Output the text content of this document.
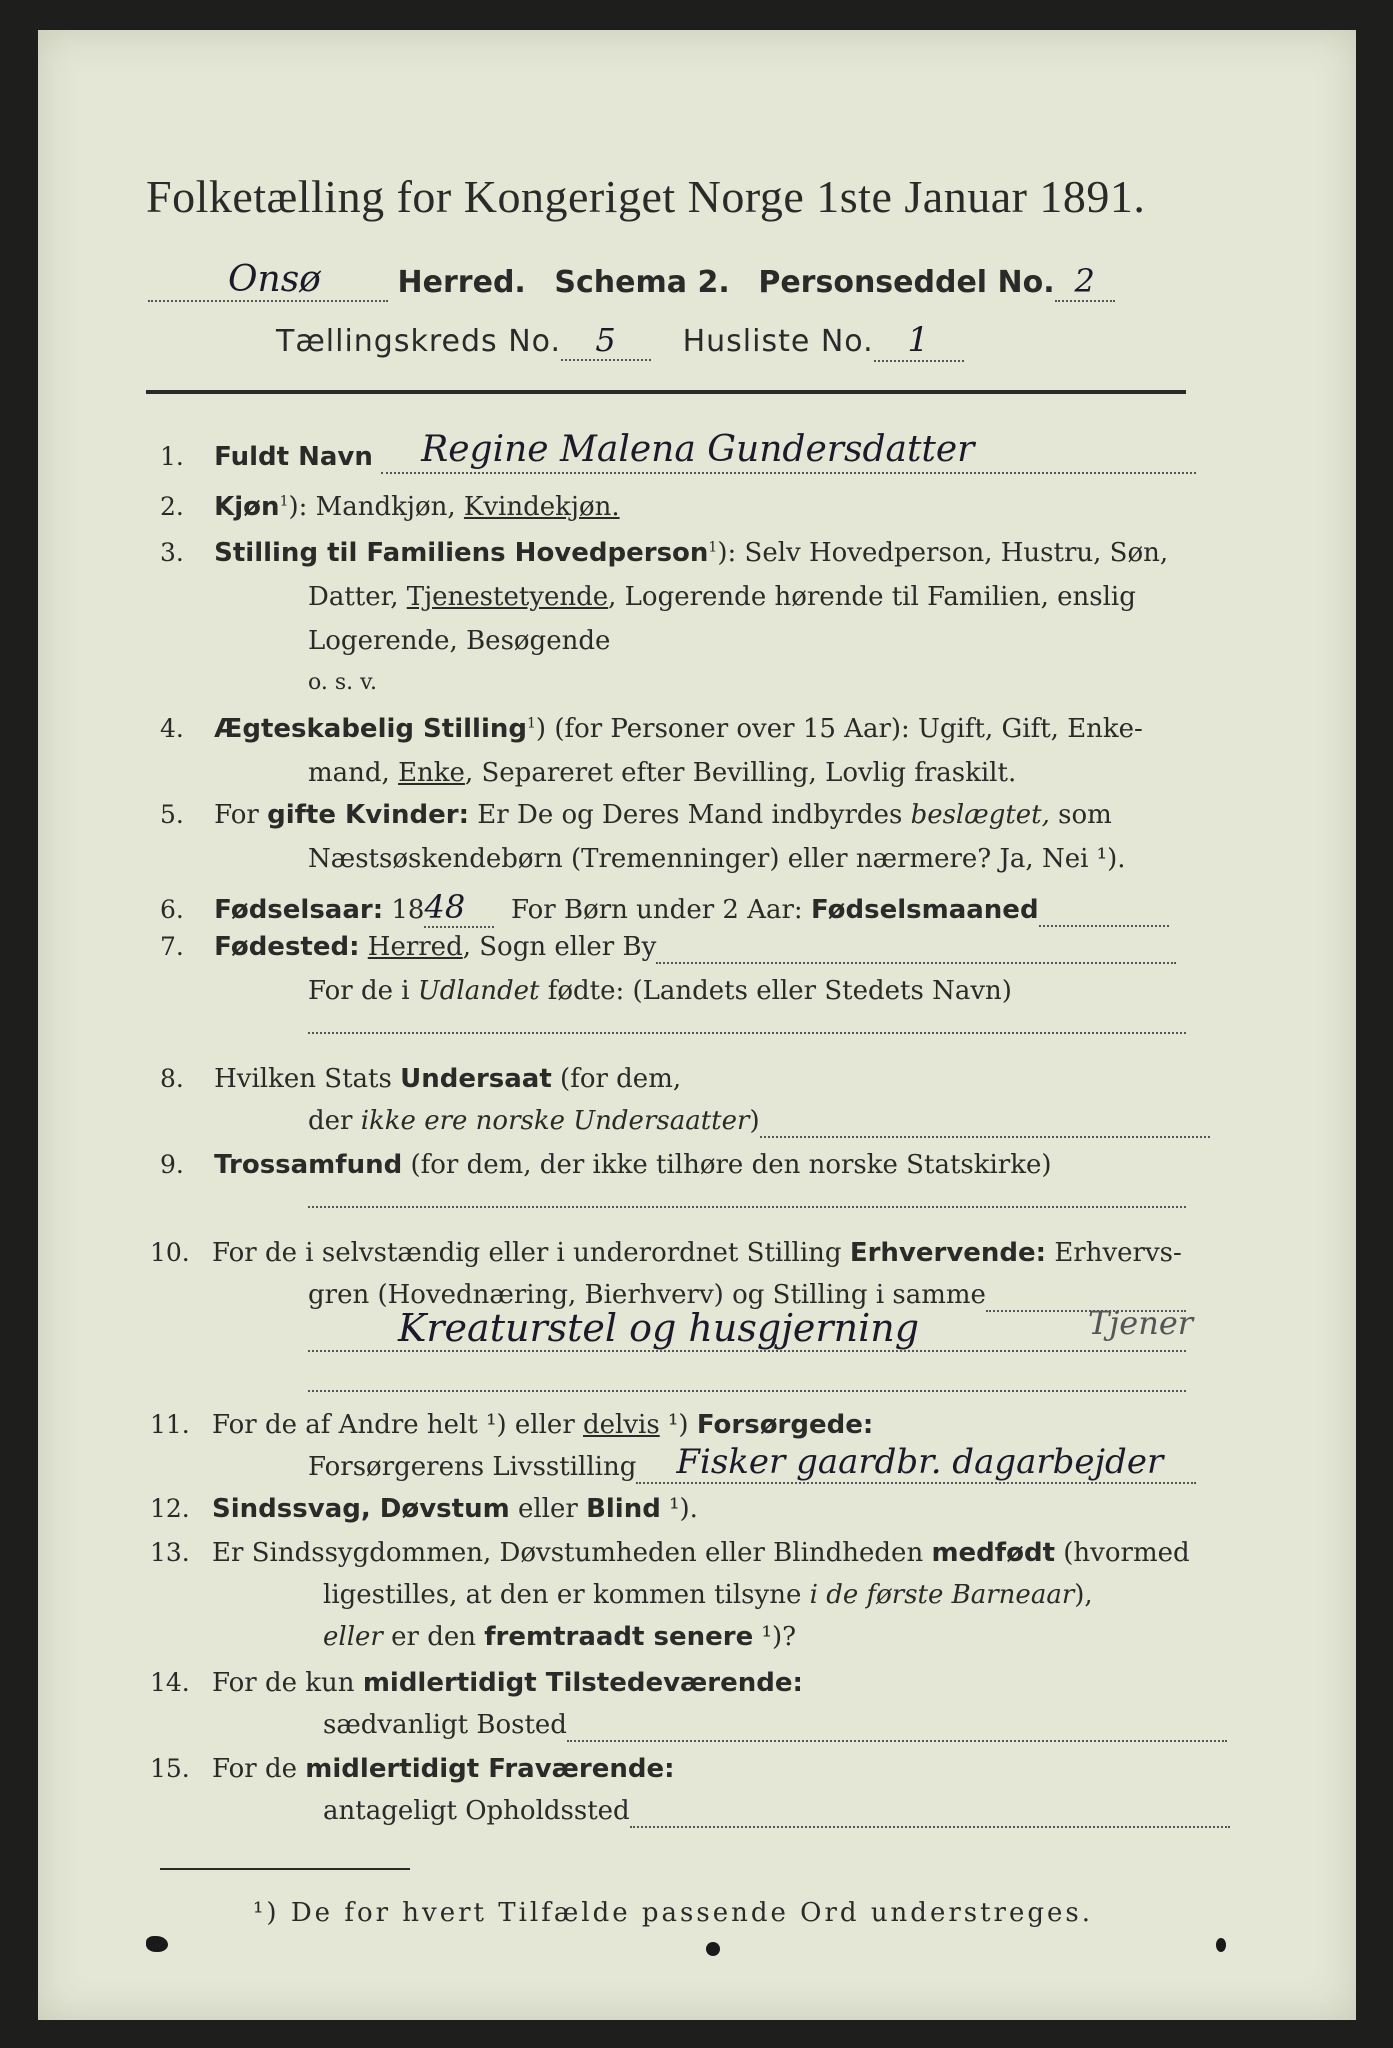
Folketælling for Kongeriget Norge 1ste Januar 1891.
Onsø	Herred. Schema 2. Personseddel No. 2
Tællingskreds No. 5 Husliste No. 1
1. Fuldt Navn Regine Malena Gundersdatter

2. Kjøn$^1$): Mandkjøn, Kvindekjøn.
3. Stilling til Familiens Hovedperson$^1$): Selv Hovedperson, Hustru, Søn,
Datter, Tjenestetyende, Logerende hørende til Familien, enslig
Logerende, Besøgende
o. s. v.
4. Ægteskabelig Stilling$^1$) (for Personer over 15 Aar): Ugift, Gift, Enke-
mand, Enke, Separeret efter Bevilling, Lovlig fraskilt.
5. For gifte Kvinder: Er De og Deres Mand indbyrdes beslægtet, som
Næstsøskendebørn (Tremenninger) eller nærmere? Ja, Nei ¹).
6. Fødselsaar: 1848 For Børn under 2 Aar: Fødselsmaaned
7. Fødested: Herred, Sogn eller By
For de i Udlandet fødte: (Landets eller Stedets Navn)
8. Hvilken Stats Undersaat (for dem,
der ikke ere norske Undersaatter)
9. Trossamfund (for dem, der ikke tilhøre den norske Statskirke)
10. For de i selvstændig eller i underordnet Stilling Erhvervende: Erhvervs-
gren (Hovednæring, Bierhverv) og Stilling i samme
Kreaturstel og husgjerning	Tjener
11. For de af Andre helt ¹) eller delvis ¹) Forsørgede:
Forsørgerens Livsstilling Fisker gaardbr. dagarbejder

12. Sindssvag, Døvstum eller Blind ¹).
13. Er Sindssygdommen, Døvstumheden eller Blindheden medfødt (hvormed
ligestilles, at den er kommen tilsyne i de første Barneaar),
eller er den fremtraadt senere ¹)?
14. For de kun midlertidigt Tilstedeværende:
sædvanligt Bosted
15. For de midlertidigt Fraværende:
antageligt Opholdssted
¹) De for hvert Tilfælde passende Ord understreges.
